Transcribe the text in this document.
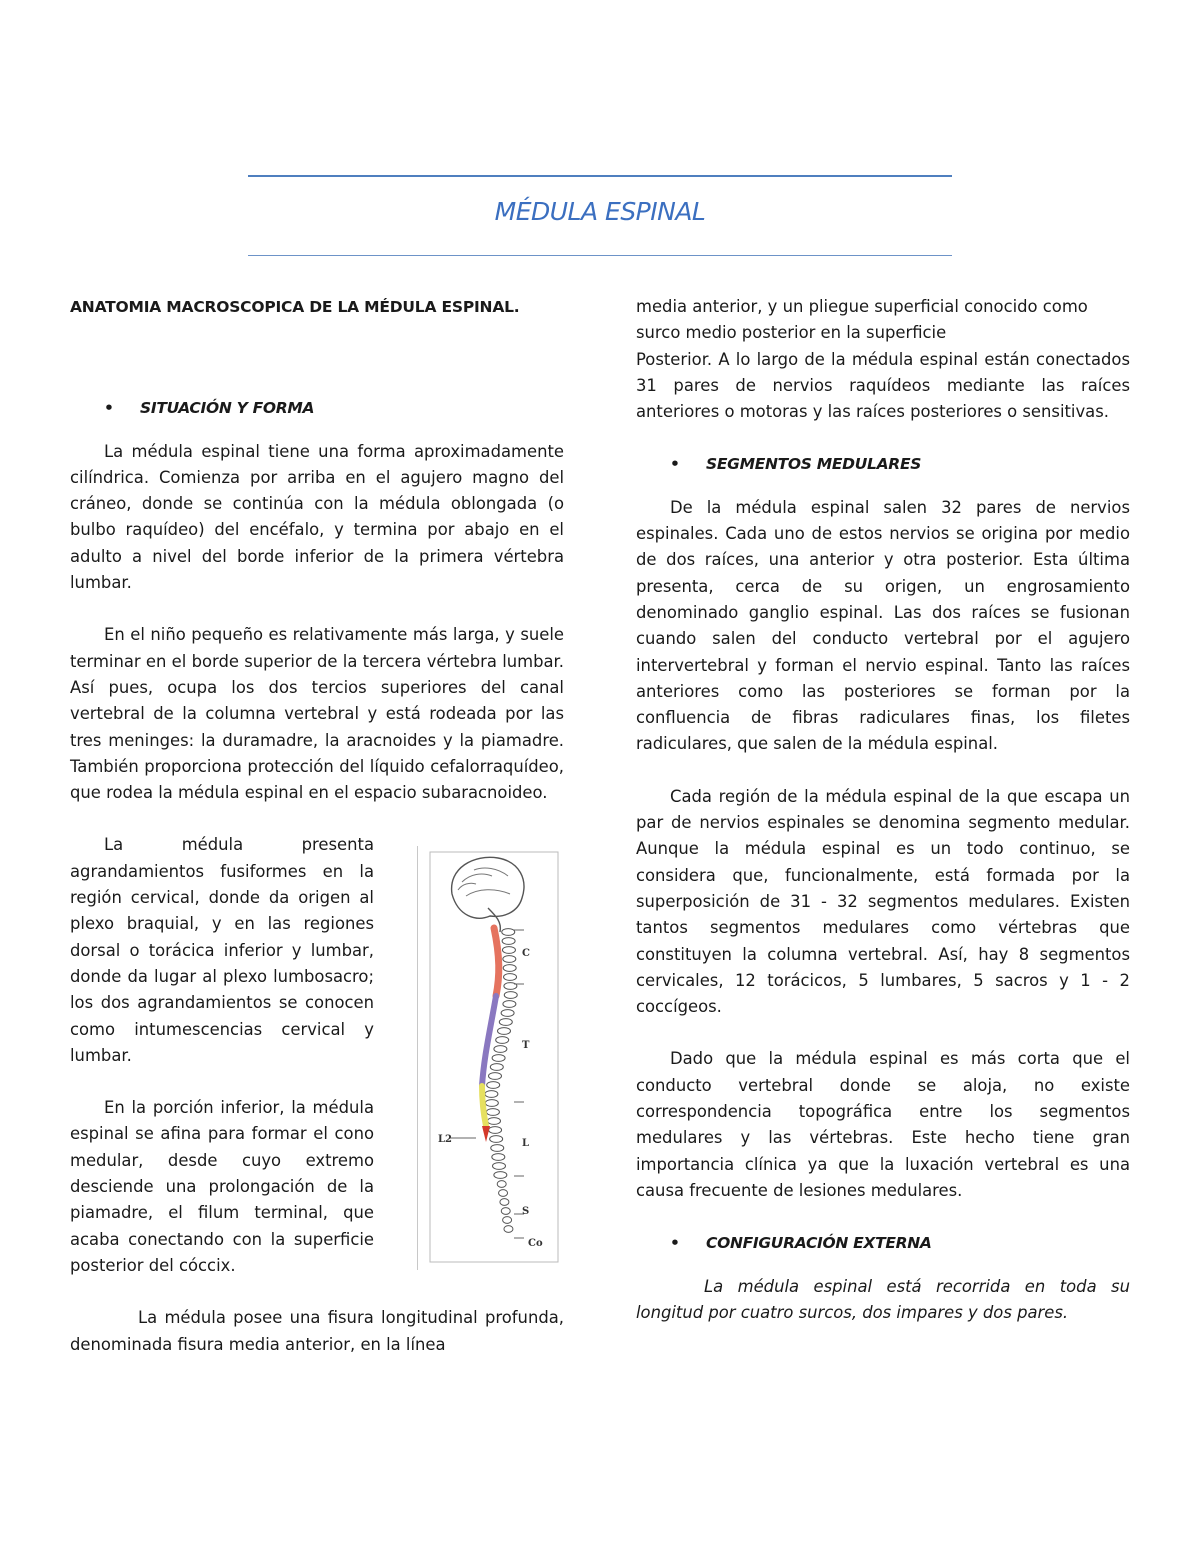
MÉDULA ESPINAL

ANATOMIA MACROSCOPICA DE LA MÉDULA ESPINAL.

• SITUACIÓN Y FORMA

La médula espinal tiene una forma aproximadamente cilíndrica. Comienza por arriba en el agujero magno del cráneo, donde se continúa con la médula oblongada (o bulbo raquídeo) del encéfalo, y termina por abajo en el adulto a nivel del borde inferior de la primera vértebra lumbar.

En el niño pequeño es relativamente más larga, y suele terminar en el borde superior de la tercera vértebra lumbar. Así pues, ocupa los dos tercios superiores del canal vertebral de la columna vertebral y está rodeada por las tres meninges: la duramadre, la aracnoides y la piamadre. También proporciona protección del líquido cefalorraquídeo, que rodea la médula espinal en el espacio subaracnoideo.

La médula presenta agrandamientos fusiformes en la región cervical, donde da origen al plexo braquial, y en las regiones dorsal o torácica inferior y lumbar, donde da lugar al plexo lumbosacro; los dos agrandamientos se conocen como intumescencias cervical y lumbar.

En la porción inferior, la médula espinal se afina para formar el cono medular, desde cuyo extremo desciende una prolongación de la piamadre, el filum terminal, que acaba conectando con la superficie posterior del cóccix.

C
T
L
S
Co
L2

La médula posee una fisura longitudinal profunda, denominada fisura media anterior, en la línea

media anterior, y un pliegue superficial conocido como surco medio posterior en la superficie

Posterior. A lo largo de la médula espinal están conectados 31 pares de nervios raquídeos mediante las raíces anteriores o motoras y las raíces posteriores o sensitivas.

• SEGMENTOS MEDULARES

De la médula espinal salen 32 pares de nervios espinales. Cada uno de estos nervios se origina por medio de dos raíces, una anterior y otra posterior. Esta última presenta, cerca de su origen, un engrosamiento denominado ganglio espinal. Las dos raíces se fusionan cuando salen del conducto vertebral por el agujero intervertebral y forman el nervio espinal. Tanto las raíces anteriores como las posteriores se forman por la confluencia de fibras radiculares finas, los filetes radiculares, que salen de la médula espinal.

Cada región de la médula espinal de la que escapa un par de nervios espinales se denomina segmento medular. Aunque la médula espinal es un todo continuo, se considera que, funcionalmente, está formada por la superposición de 31 - 32 segmentos medulares. Existen tantos segmentos medulares como vértebras que constituyen la columna vertebral. Así, hay 8 segmentos cervicales, 12 torácicos, 5 lumbares, 5 sacros y 1 - 2 coccígeos.

Dado que la médula espinal es más corta que el conducto vertebral donde se aloja, no existe correspondencia topográfica entre los segmentos medulares y las vértebras. Este hecho tiene gran importancia clínica ya que la luxación vertebral es una causa frecuente de lesiones medulares.

• CONFIGURACIÓN EXTERNA

La médula espinal está recorrida en toda su longitud por cuatro surcos, dos impares y dos pares.
